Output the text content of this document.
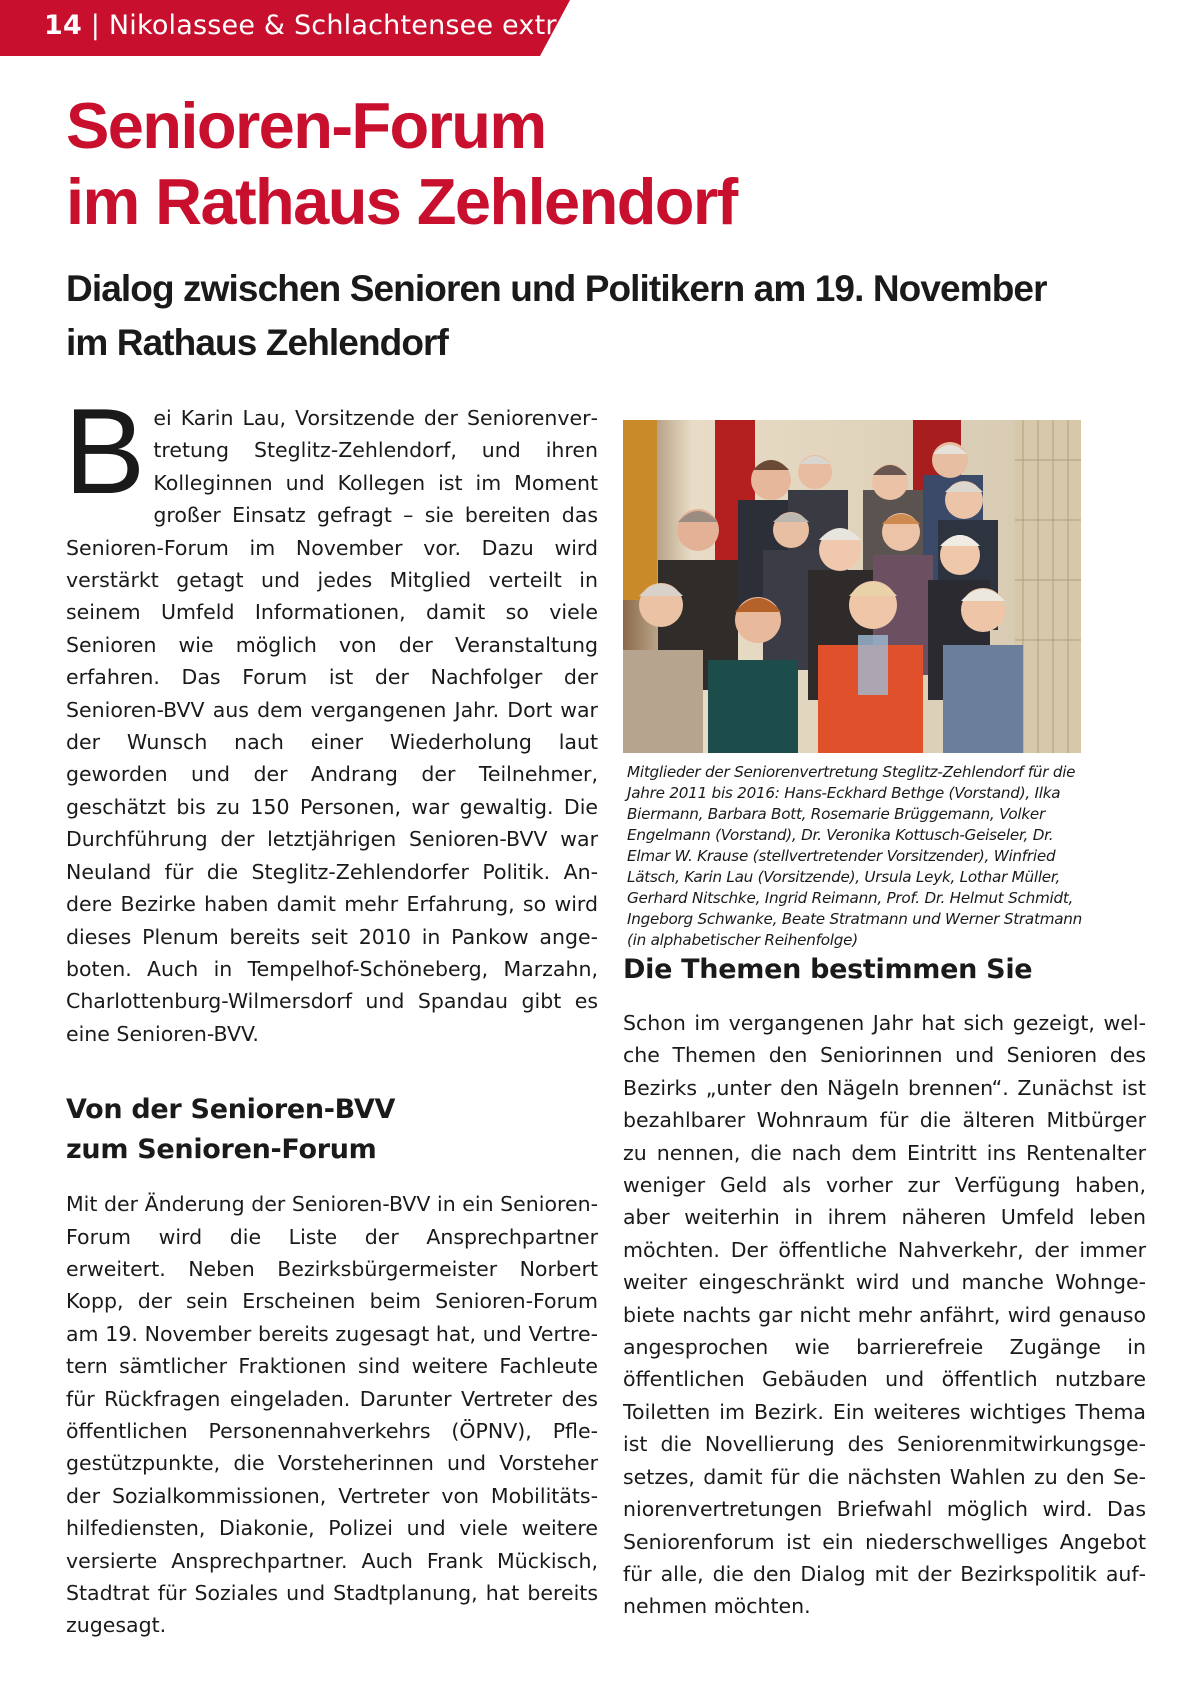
14 | Nikolassee & Schlachtensee extra
Senioren-Forum
im Rathaus Zehlendorf
Dialog zwischen Senioren und Politikern am 19. November
im Rathaus Zehlendorf

Bei Karin Lau, Vorsitzende der Seniorenvertretung Steglitz-Zehlendorf, und ihren Kolleginnen und Kollegen ist im Moment großer Einsatz gefragt – sie bereiten das Senioren-Forum im November vor. Dazu wird verstärkt getagt und jedes Mitglied verteilt in seinem Umfeld Informationen, damit so viele Senioren wie möglich von der Veranstaltung erfahren. Das Forum ist der Nachfolger der Senioren-BVV aus dem vergangenen Jahr. Dort war der Wunsch nach einer Wiederholung laut geworden und der Andrang der Teilnehmer, geschätzt bis zu 150 Personen, war gewaltig. Die Durchführung der letztjährigen Senioren-BVV war Neuland für die Steglitz-Zehlendorfer Politik. Andere Bezirke haben damit mehr Erfahrung, so wird dieses Plenum bereits seit 2010 in Pankow angeboten. Auch in Tempelhof-Schöneberg, Marzahn, Charlottenburg-Wilmersdorf und Spandau gibt es eine Senioren-BVV.

Von der Senioren-BVV
zum Senioren-Forum

Mit der Änderung der Senioren-BVV in ein Senioren-Forum wird die Liste der Ansprechpartner erweitert. Neben Bezirksbürgermeister Norbert Kopp, der sein Erscheinen beim Senioren-Forum am 19. November bereits zugesagt hat, und Vertretern sämtlicher Fraktionen sind weitere Fachleute für Rückfragen eingeladen. Darunter Vertreter des öffentlichen Personennahverkehrs (ÖPNV), Pflegestützpunkte, die Vorsteherinnen und Vorsteher der Sozialkommissionen, Vertreter von Mobilitätshilfediensten, Diakonie, Polizei und viele weitere versierte Ansprechpartner. Auch Frank Mückisch, Stadtrat für Soziales und Stadtplanung, hat bereits zugesagt.

Mitglieder der Seniorenvertretung Steglitz-Zehlendorf für die Jahre 2011 bis 2016: Hans-Eckhard Bethge (Vorstand), Ilka Biermann, Barbara Bott, Rosemarie Brüggemann, Volker Engelmann (Vorstand), Dr. Veronika Kottusch-Geiseler, Dr. Elmar W. Krause (stellvertretender Vorsitzender), Winfried Lätsch, Karin Lau (Vorsitzende), Ursula Leyk, Lothar Müller, Gerhard Nitschke, Ingrid Reimann, Prof. Dr. Helmut Schmidt, Ingeborg Schwanke, Beate Stratmann und Werner Stratmann (in alphabetischer Reihenfolge)

Die Themen bestimmen Sie

Schon im vergangenen Jahr hat sich gezeigt, welche Themen den Seniorinnen und Senioren des Bezirks „unter den Nägeln brennen“. Zunächst ist bezahlbarer Wohnraum für die älteren Mitbürger zu nennen, die nach dem Eintritt ins Rentenalter weniger Geld als vorher zur Verfügung haben, aber weiterhin in ihrem näheren Umfeld leben möchten. Der öffentliche Nahverkehr, der immer weiter eingeschränkt wird und manche Wohngebiete nachts gar nicht mehr anfährt, wird genauso angesprochen wie barrierefreie Zugänge in öffentlichen Gebäuden und öffentlich nutzbare Toiletten im Bezirk. Ein weiteres wichtiges Thema ist die Novellierung des Seniorenmitwirkungsgesetzes, damit für die nächsten Wahlen zu den Seniorenvertretungen Briefwahl möglich wird. Das Seniorenforum ist ein niederschwelliges Angebot für alle, die den Dialog mit der Bezirkspolitik aufnehmen möchten.
